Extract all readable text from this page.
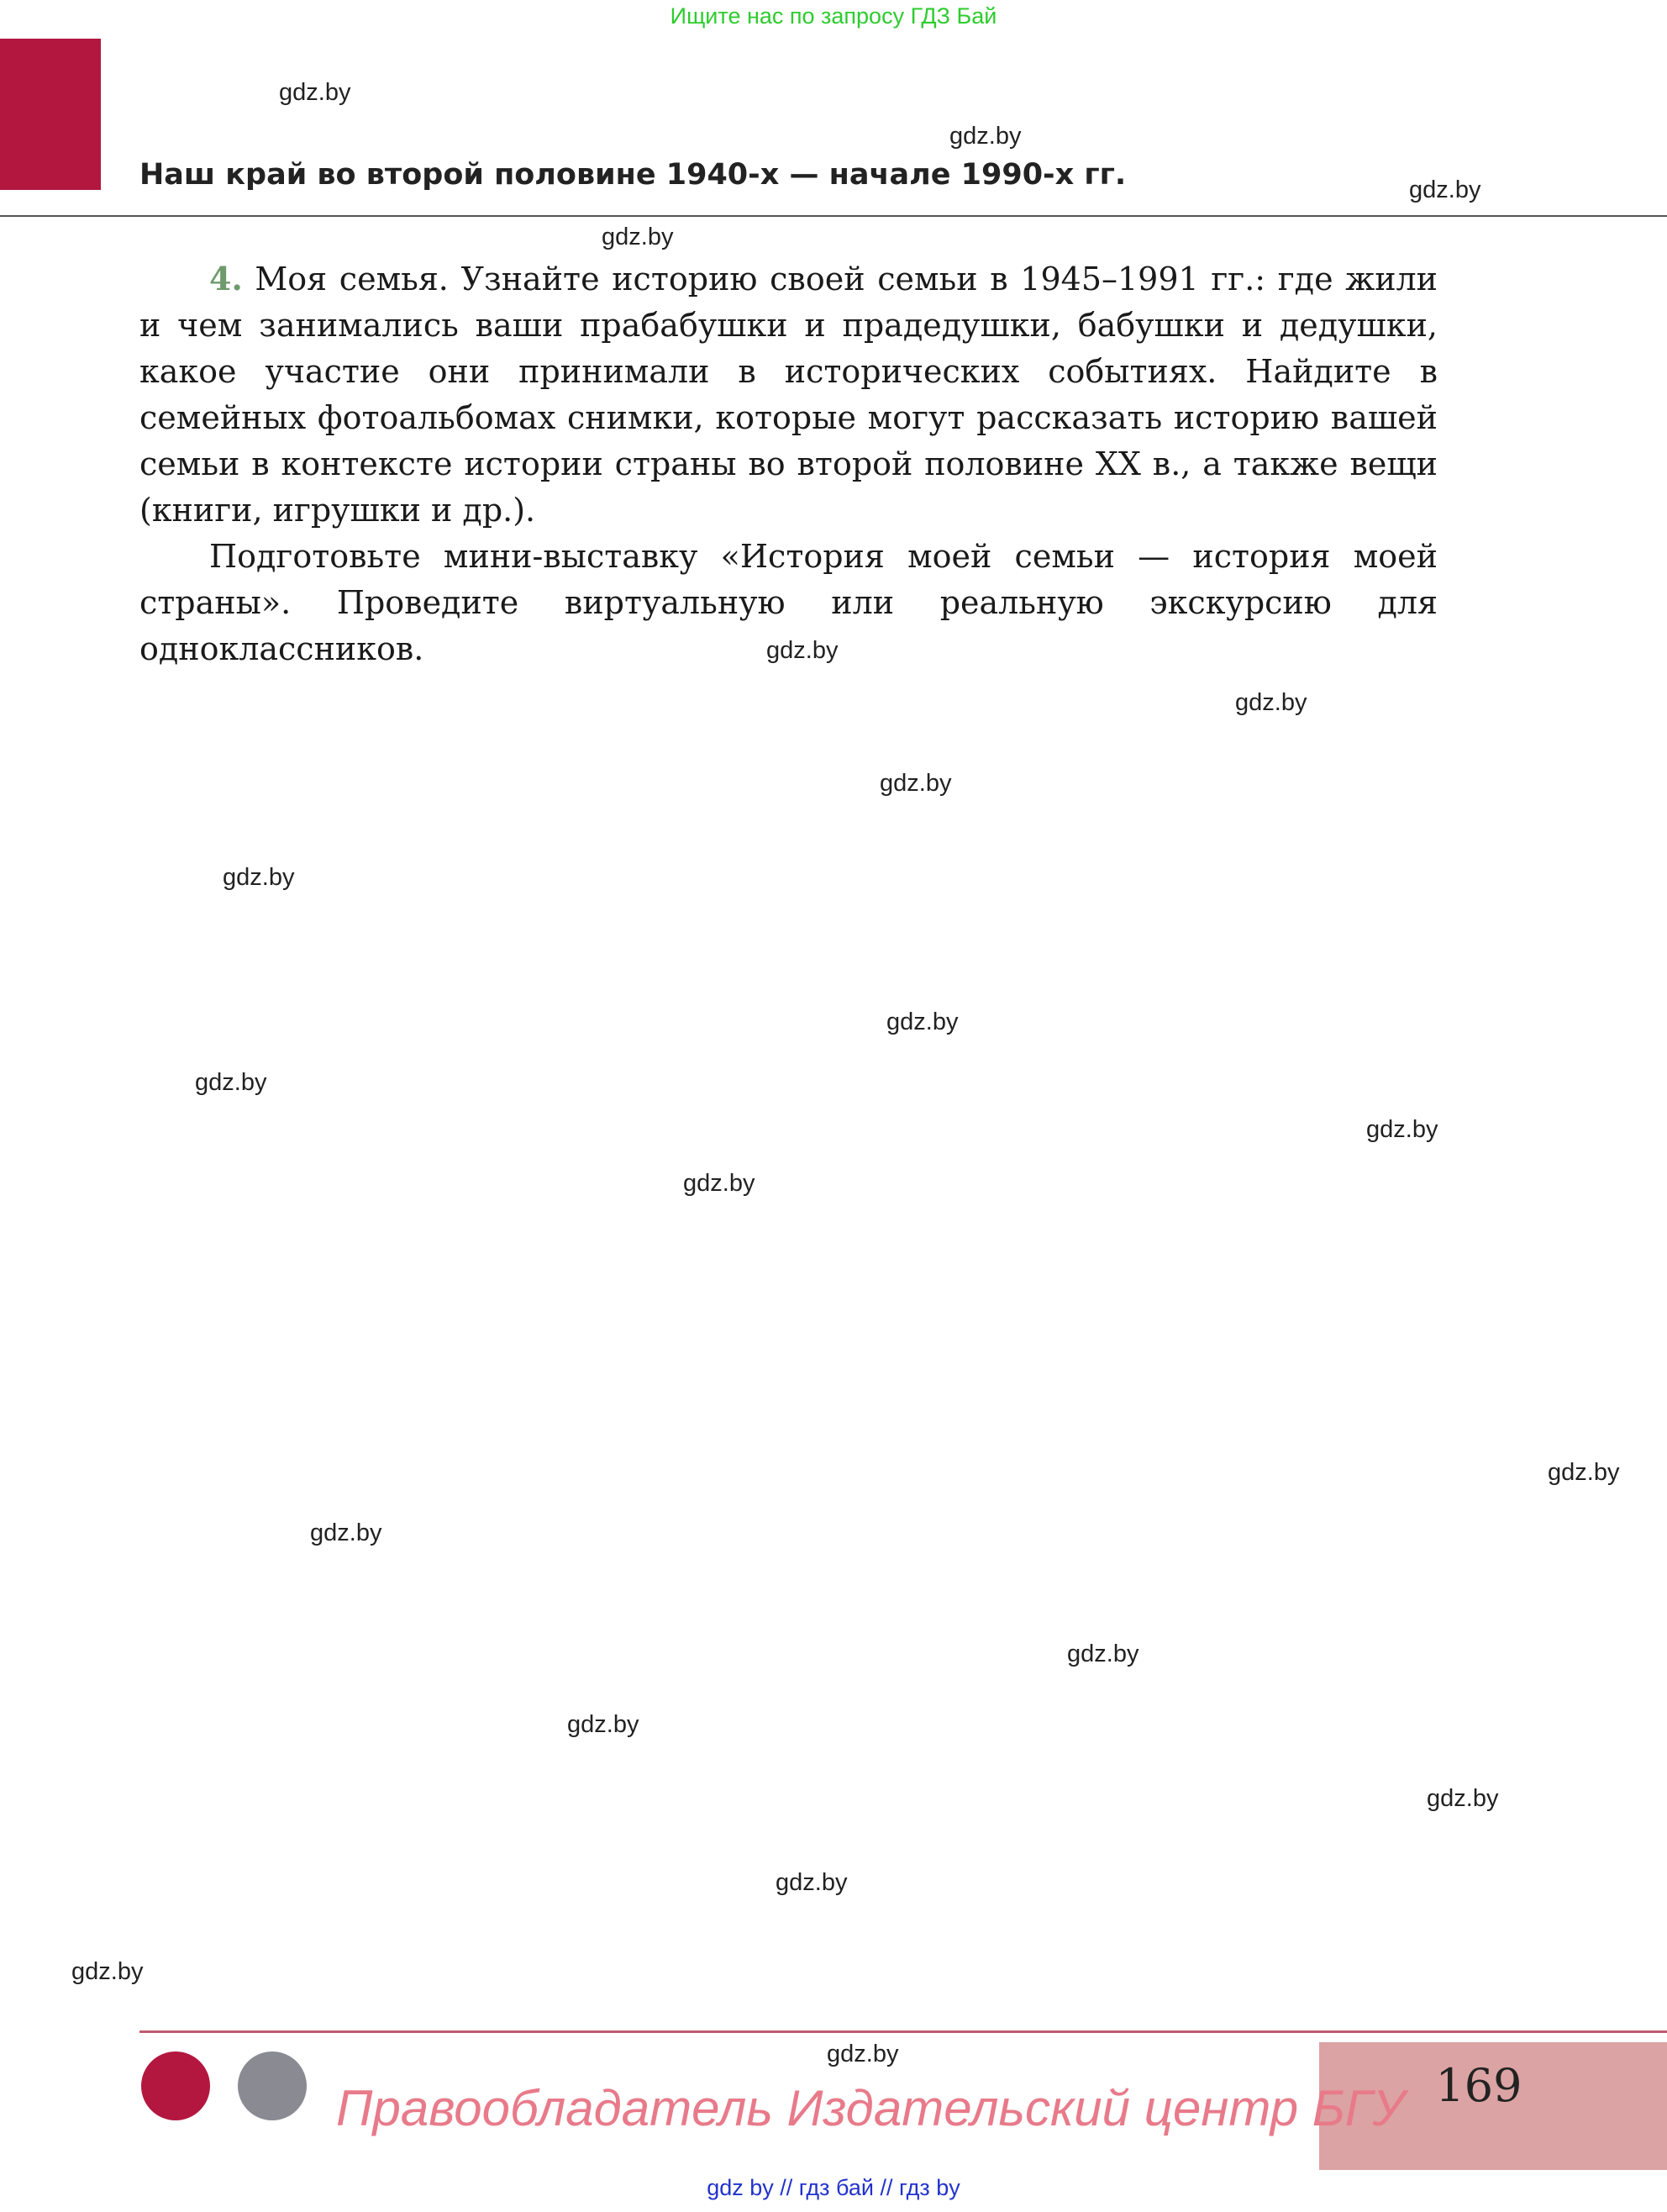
Ищите нас по запросу ГДЗ Бай
Наш край во второй половине 1940-х — начале 1990-х гг.

4. Моя семья. Узнайте историю своей семьи в 1945–1991 гг.: где жили и чем занимались ваши прабабушки и прадедушки, бабушки и дедушки, какое участие они принимали в исторических событиях. Найдите в семейных фотоальбомах снимки, которые могут рассказать историю вашей семьи в контексте истории страны во второй половине XX в., а также вещи (книги, игрушки и др.).

Подготовьте мини-выставку «История моей семьи — история моей страны». Проведите виртуальную или реальную экскурсию для одноклассников.

gdz.by
gdz.by
gdz.by
gdz.by
gdz.by
gdz.by
gdz.by
gdz.by
gdz.by
gdz.by
gdz.by
gdz.by
gdz.by
gdz.by
gdz.by
gdz.by
gdz.by
gdz.by
gdz.by
gdz.by
Правообладатель Издательский центр БГУ 169
gdz by // гдз бай // гдз by
